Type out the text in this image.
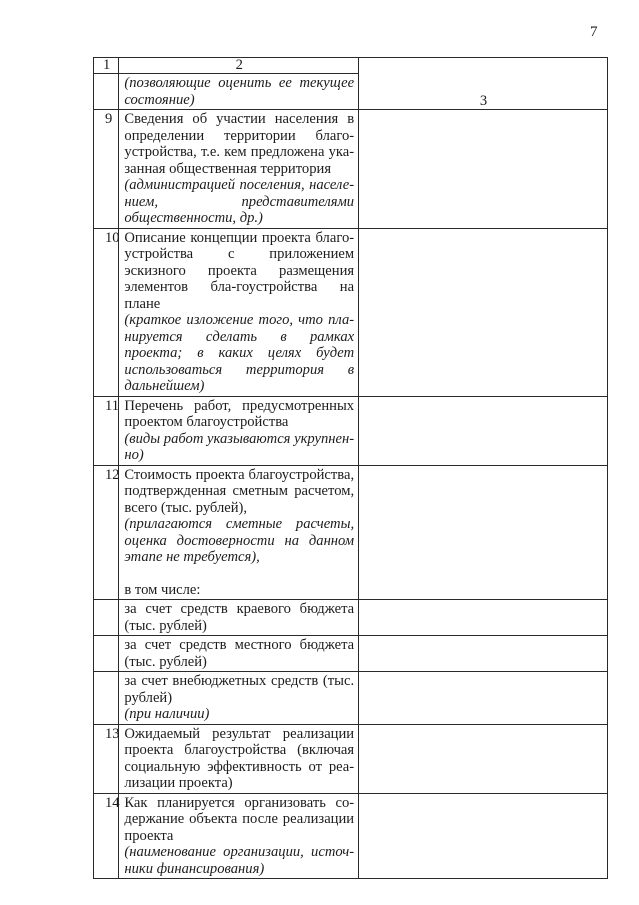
7
1	2	3

	(позволяющие оценить ее текущее состояние)	

9	Сведения об участии населения в определении территории благо-устройства, т.е. кем предложена ука-занная общественная территория
(администрацией поселения, населе-нием, представителями общественности, др.)	

10	Описание концепции проекта благо-устройства с приложением эскизного проекта размещения элементов бла-гоустройства на плане
(краткое изложение того, что пла-нируется сделать в рамках проекта; в каких целях будет использоваться территория в дальнейшем)	

11	Перечень работ, предусмотренных проектом благоустройства
(виды работ указываются укрупнен-но)	

12	Стоимость проекта благоустройства, подтвержденная сметным расчетом, всего (тыс. рублей),
(прилагаются сметные расчеты, оценка достоверности на данном этапе не требуется),
в том числе:	

	за счет средств краевого бюджета (тыс. рублей)	

	за счет средств местного бюджета (тыс. рублей)	

	за счет внебюджетных средств (тыс. рублей)
(при наличии)	

13	Ожидаемый результат реализации проекта благоустройства (включая социальную эффективность от реа-лизации проекта)	

14	Как планируется организовать со-держание объекта после реализации проекта
(наименование организации, источ-ники финансирования)	
